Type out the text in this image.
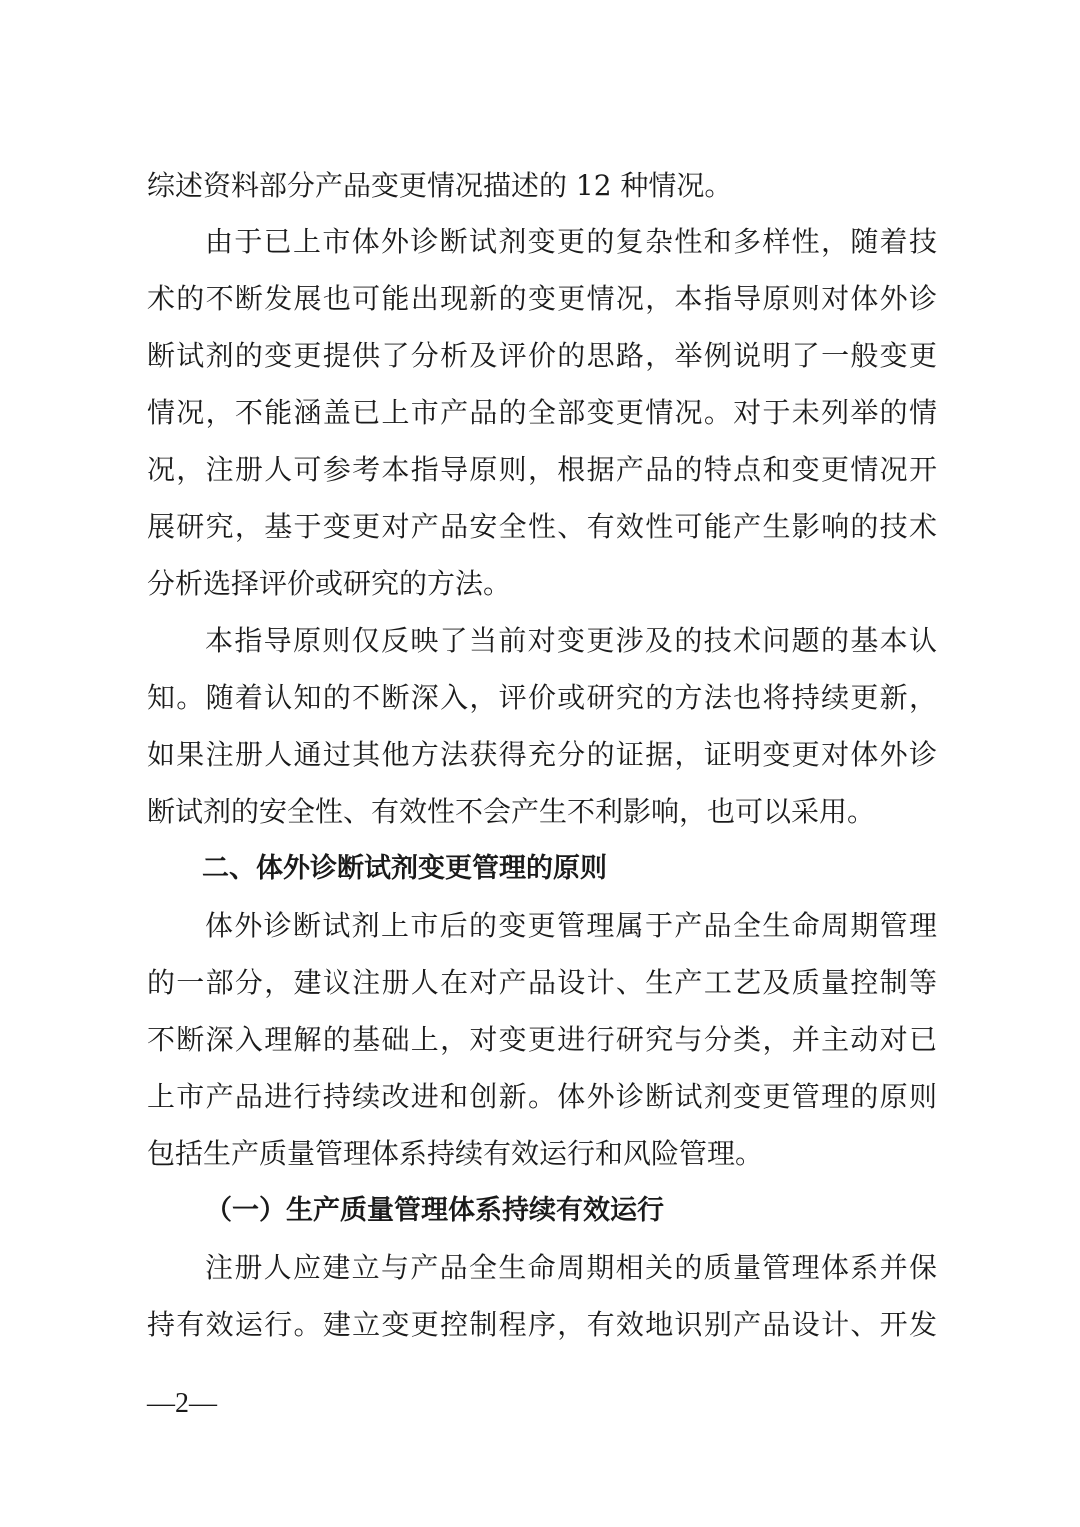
综述资料部分产品变更情况描述的 12 种情况。
由于已上市体外诊断试剂变更的复杂性和多样性，随着技
术的不断发展也可能出现新的变更情况，本指导原则对体外诊
断试剂的变更提供了分析及评价的思路，举例说明了一般变更
情况，不能涵盖已上市产品的全部变更情况。对于未列举的情
况，注册人可参考本指导原则，根据产品的特点和变更情况开
展研究，基于变更对产品安全性、有效性可能产生影响的技术
分析选择评价或研究的方法。
本指导原则仅反映了当前对变更涉及的技术问题的基本认
知。随着认知的不断深入，评价或研究的方法也将持续更新，
如果注册人通过其他方法获得充分的证据，证明变更对体外诊
断试剂的安全性、有效性不会产生不利影响，也可以采用。
二、体外诊断试剂变更管理的原则
体外诊断试剂上市后的变更管理属于产品全生命周期管理
的一部分，建议注册人在对产品设计、生产工艺及质量控制等
不断深入理解的基础上，对变更进行研究与分类，并主动对已
上市产品进行持续改进和创新。体外诊断试剂变更管理的原则
包括生产质量管理体系持续有效运行和风险管理。
（一）生产质量管理体系持续有效运行
注册人应建立与产品全生命周期相关的质量管理体系并保
持有效运行。建立变更控制程序，有效地识别产品设计、开发
—2—
